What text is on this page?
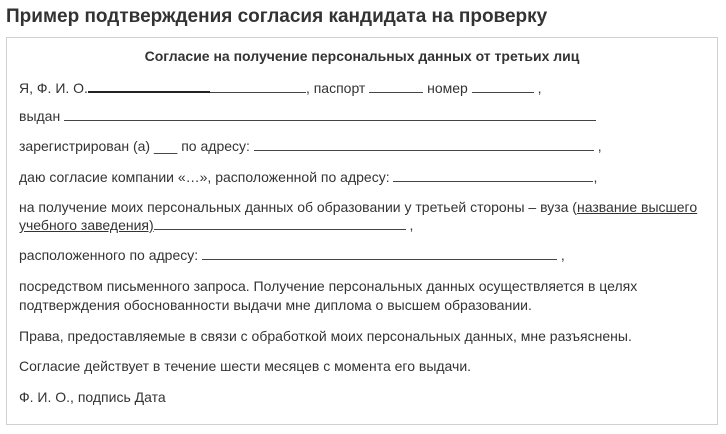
Пример подтверждения согласия кандидата на проверку
Согласие на получение персональных данных от третьих лиц
Я, Ф. И. О.	, паспорт	номер	,
выдан
зарегистрирован (а) ___ по адресу:	,
даю согласие компании «…», расположенной по адресу:	,
на получение моих персональных данных об образовании у третьей стороны – вуза (название высшего
учебного заведения)	,
расположенного по адресу:	,
посредством письменного запроса. Получение персональных данных осуществляется в целях
подтверждения обоснованности выдачи мне диплома о высшем образовании.
Права, предоставляемые в связи с обработкой моих персональных данных, мне разъяснены.
Согласие действует в течение шести месяцев с момента его выдачи.
Ф. И. О., подпись Дата
